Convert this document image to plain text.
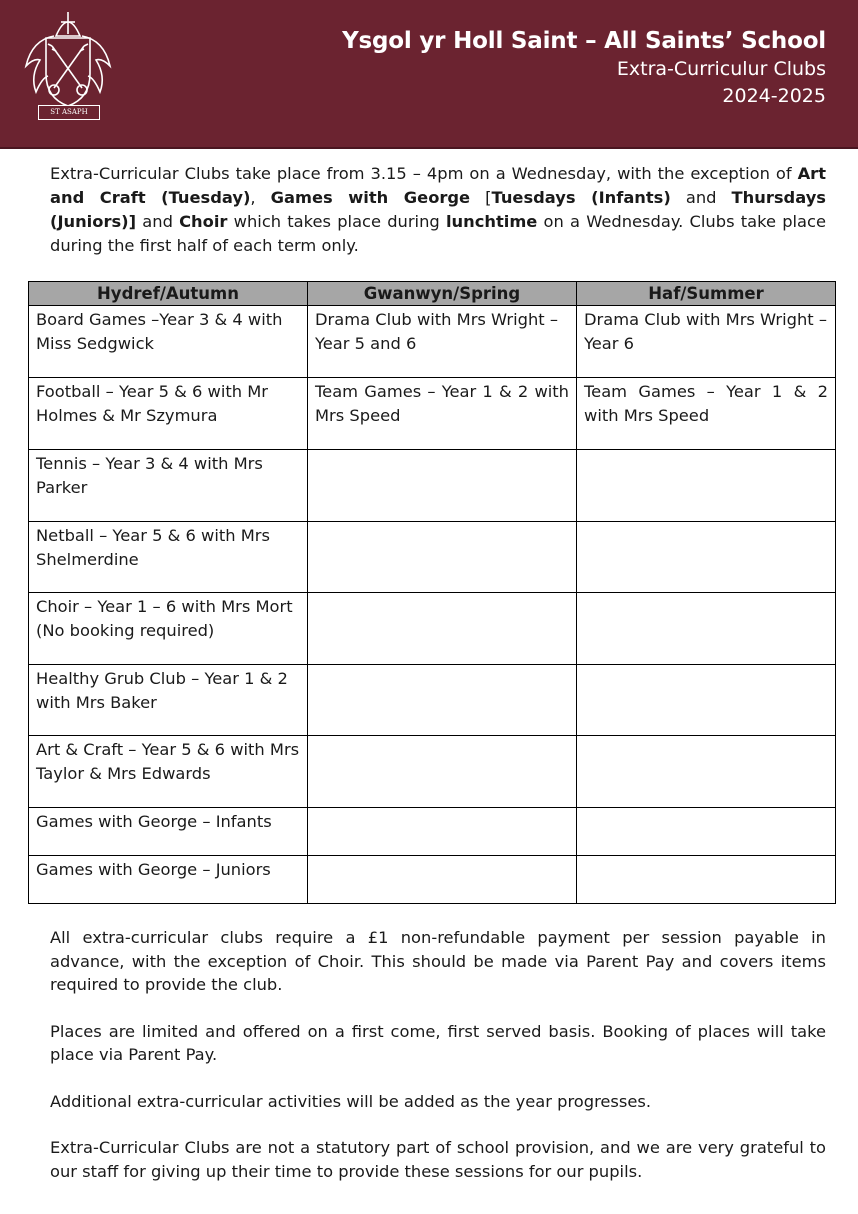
ST ASAPH
Ysgol yr Holl Saint – All Saints’ School
Extra-Curriculur Clubs
2024-2025
Extra-Curricular Clubs take place from 3.15 – 4pm on a Wednesday, with the exception of Art and Craft (Tuesday), Games with George [Tuesdays (Infants) and Thursdays (Juniors)] and Choir which takes place during lunchtime on a Wednesday. Clubs take place during the first half of each term only.
Hydref/Autumn	Gwanwyn/Spring	Haf/Summer
Board Games –Year 3 & 4 with Miss Sedgwick	Drama Club with Mrs Wright – Year 5 and 6	Drama Club with Mrs Wright – Year 6
Football – Year 5 & 6 with Mr Holmes & Mr Szymura	Team Games – Year 1 & 2 with Mrs Speed	Team Games – Year 1 & 2 with Mrs Speed
Tennis – Year 3 & 4 with Mrs Parker		
Netball – Year 5 & 6 with Mrs Shelmerdine		
Choir – Year 1 – 6 with Mrs Mort (No booking required)		
Healthy Grub Club – Year 1 & 2 with Mrs Baker		
Art & Craft – Year 5 & 6 with Mrs Taylor & Mrs Edwards		
Games with George – Infants		
Games with George – Juniors		

All extra-curricular clubs require a £1 non-refundable payment per session payable in advance, with the exception of Choir. This should be made via Parent Pay and covers items required to provide the club.

Places are limited and offered on a first come, first served basis. Booking of places will take place via Parent Pay.

Additional extra-curricular activities will be added as the year progresses.

Extra-Curricular Clubs are not a statutory part of school provision, and we are very grateful to our staff for giving up their time to provide these sessions for our pupils.
